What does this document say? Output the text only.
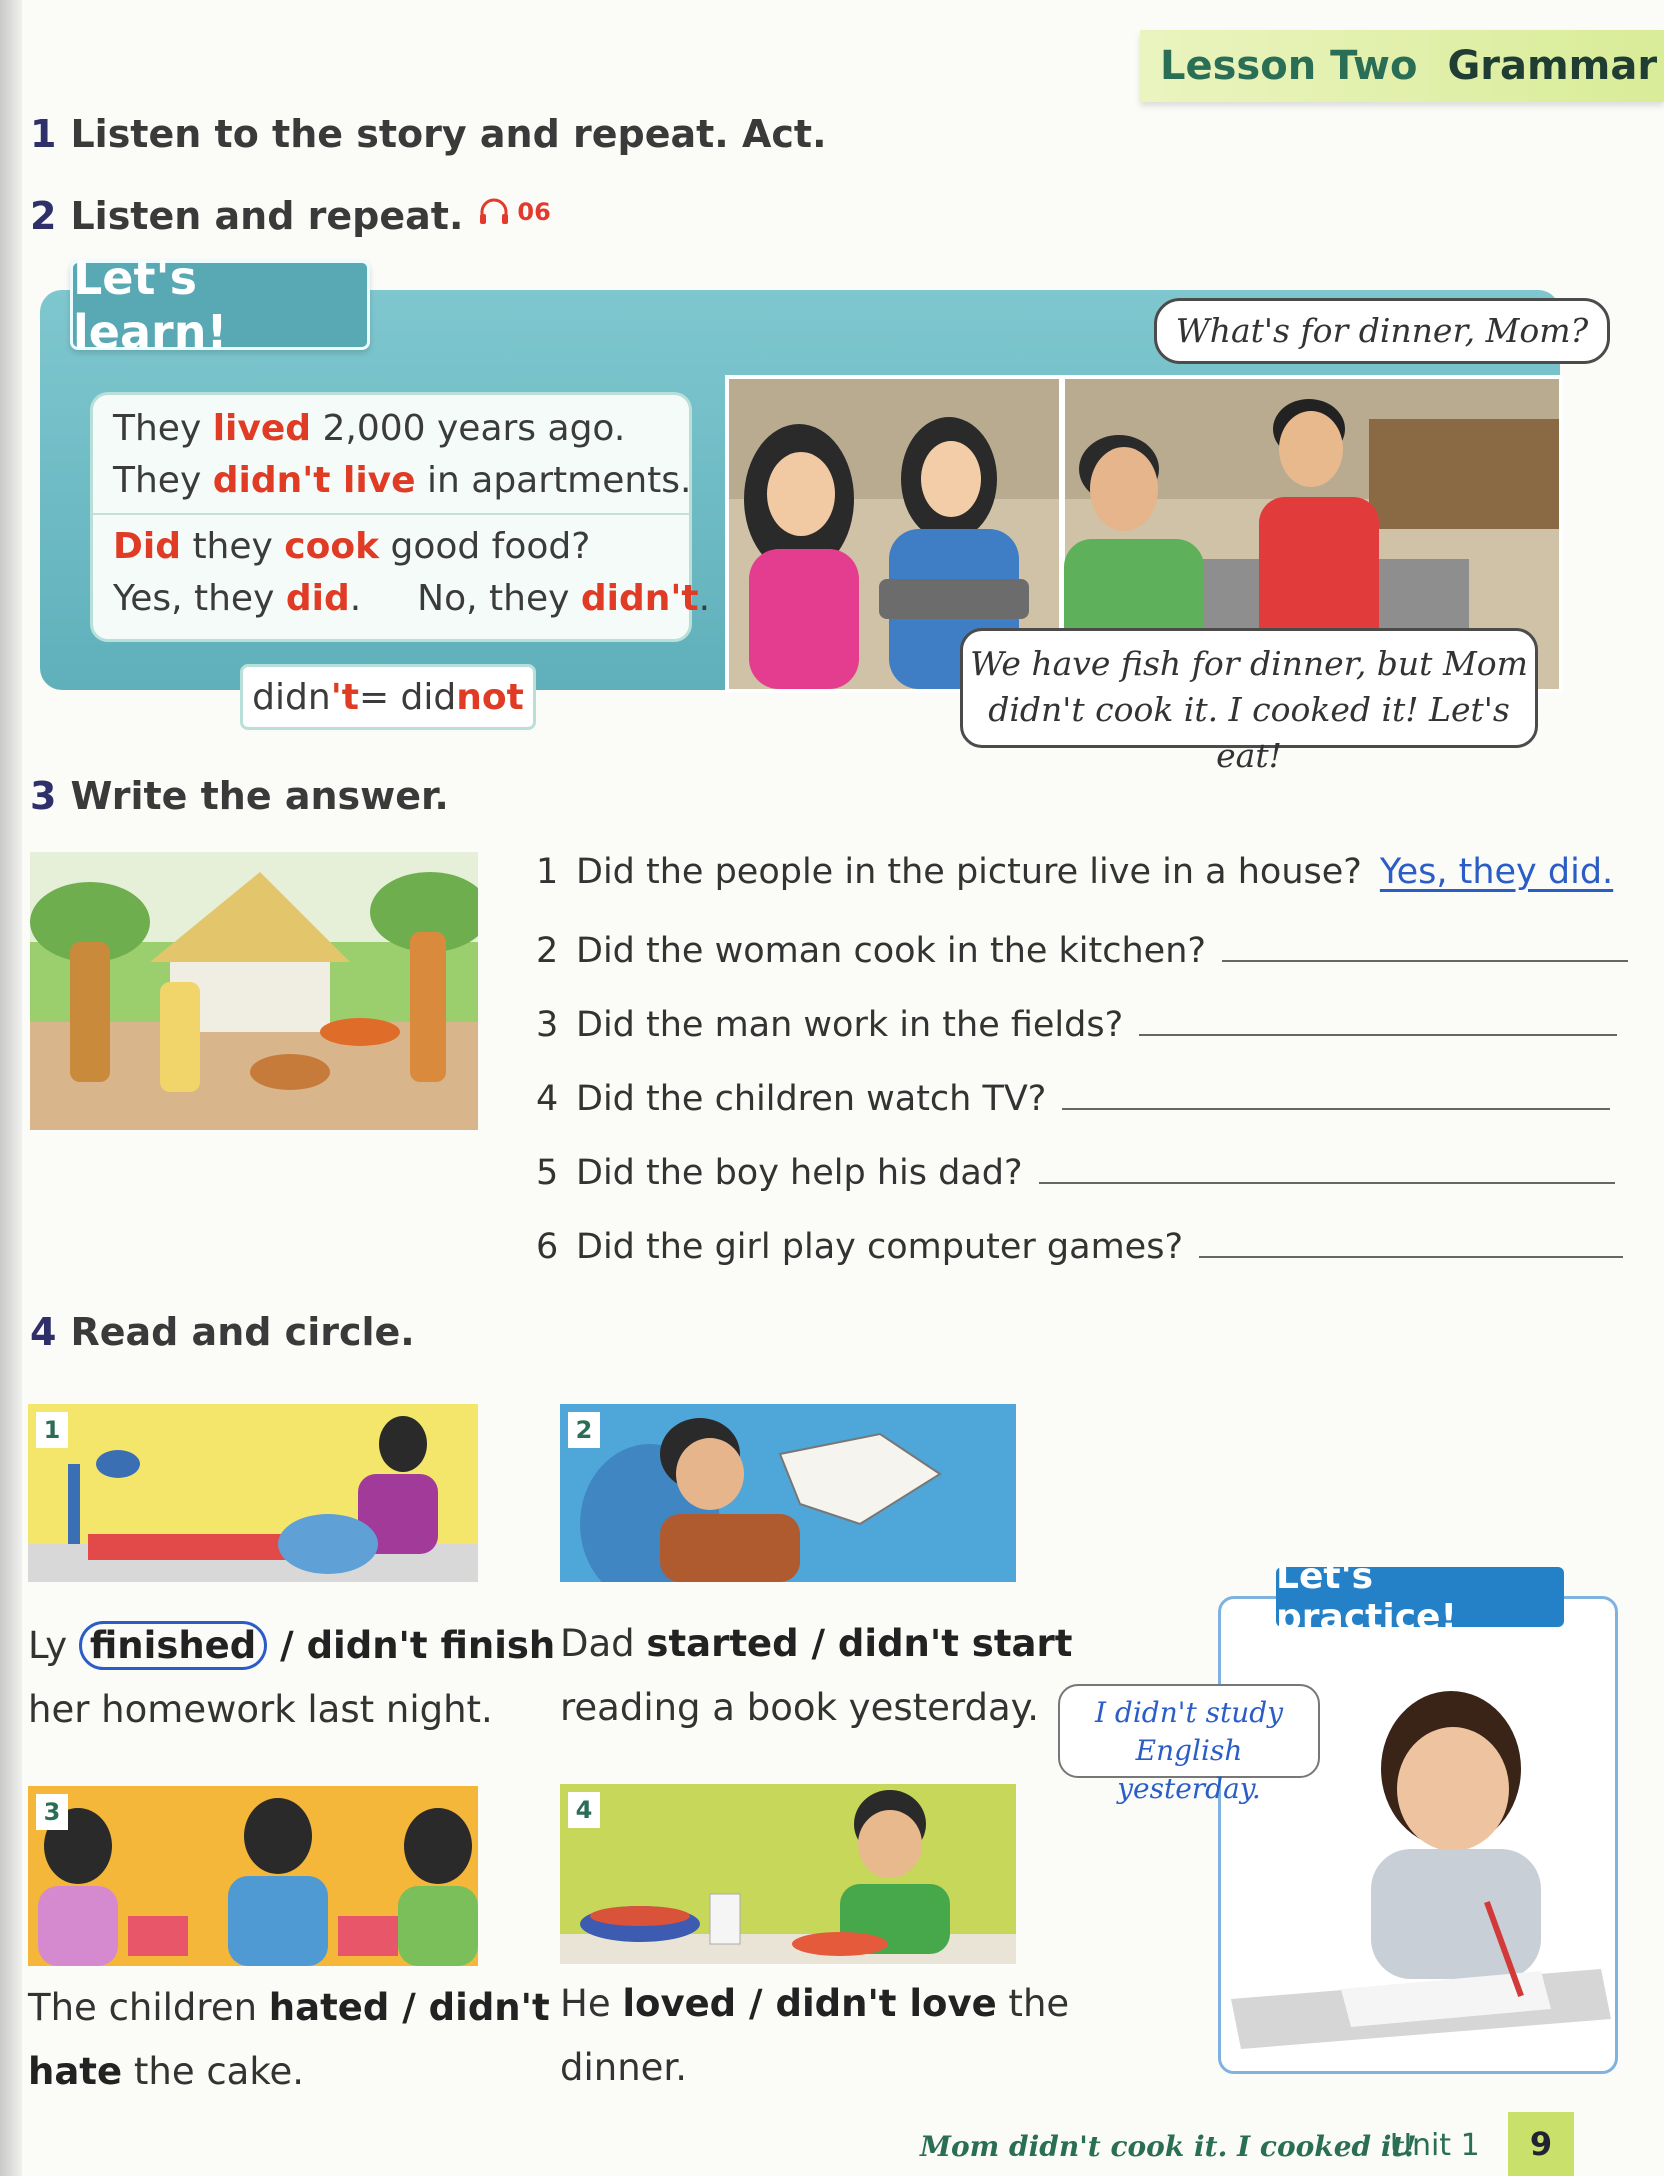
Lesson Two Grammar
1 Listen to the story and repeat. Act.
2 Listen and repeat. 06
Let's learn!
They lived 2,000 years ago.
They didn't live in apartments.
Did they cook good food?
Yes, they did. No, they didn't.
didn 't = did not
What's for dinner, Mom?
We have fish for dinner, but Mom
didn't cook it. I cooked it! Let's eat!
3 Write the answer.
1 Did the people in the picture live in a house? Yes, they did.
2 Did the woman cook in the kitchen?
3 Did the man work in the fields?
4 Did the children watch TV?
5 Did the boy help his dad?
6 Did the girl play computer games?
4 Read and circle.
1
Ly finished / didn't finish
her homework last night.
2
Dad started / didn't start
reading a book yesterday.
3
The children hated / didn't
hate the cake.
4
He loved / didn't love the
dinner.
Let's practice!
I didn't study
English yesterday.
Mom didn't cook it. I cooked it!
Unit 1	9
